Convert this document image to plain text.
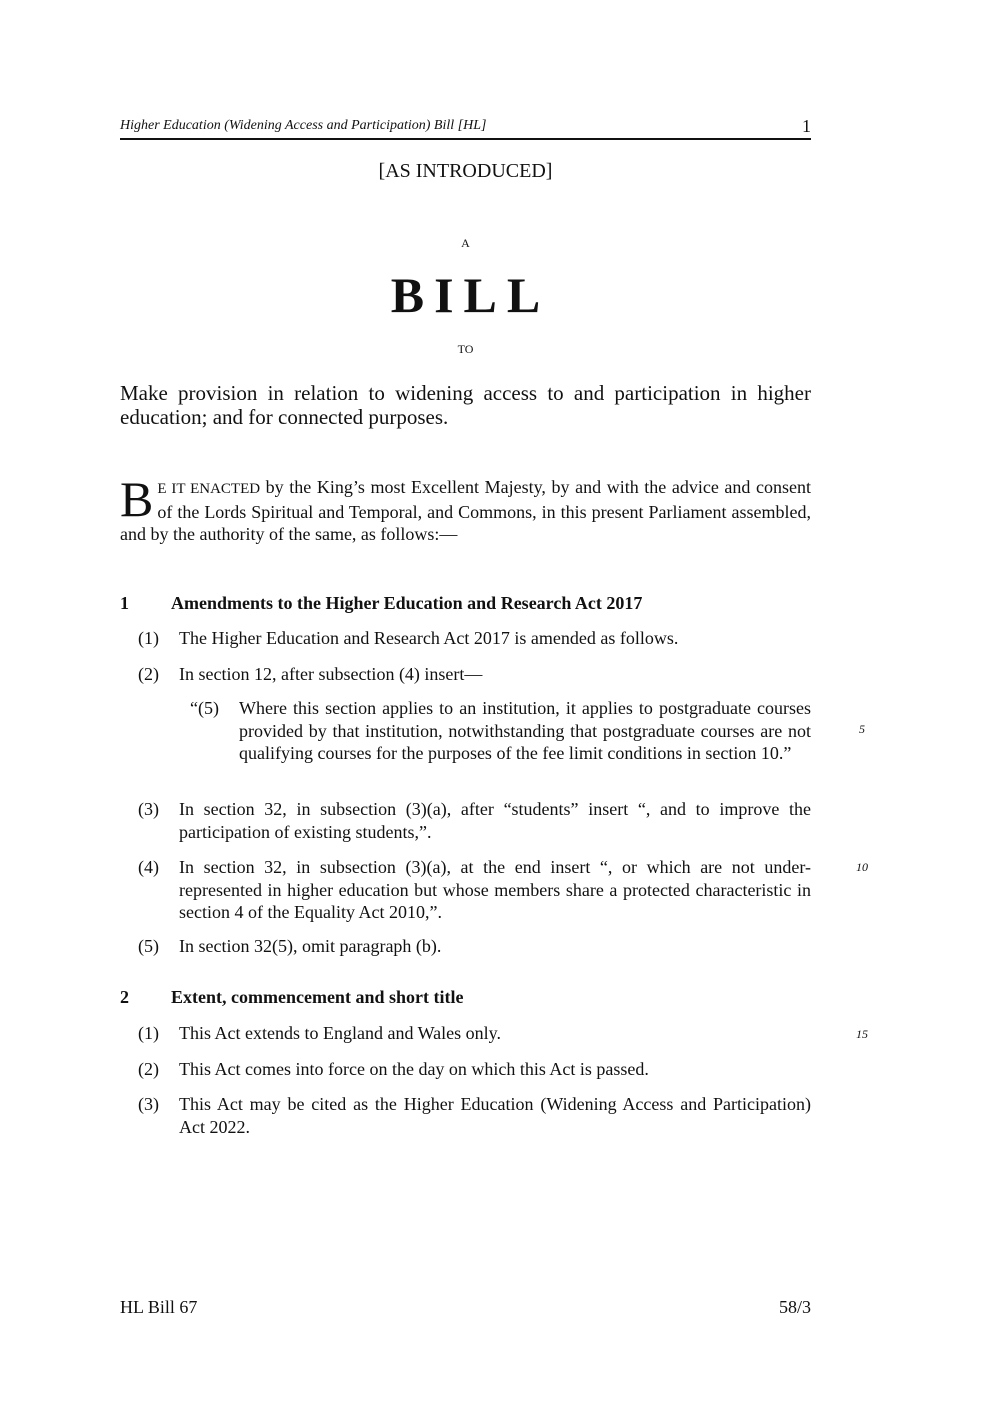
Higher Education (Widening Access and Participation) Bill [HL]	1
[AS INTRODUCED]
A
BILL
TO
Make provision in relation to widening access to and participation in higher education; and for connected purposes.
B E IT ENACTED by the King’s most Excellent Majesty, by and with the advice and consent of the Lords Spiritual and Temporal, and Commons, in this present Parliament assembled, and by the authority of the same, as follows:—
1 Amendments to the Higher Education and Research Act 2017
(1) The Higher Education and Research Act 2017 is amended as follows.
(2) In section 12, after subsection (4) insert—
“(5) Where this section applies to an institution, it applies to postgraduate courses provided by that institution, notwithstanding that postgraduate courses are not qualifying courses for the purposes of the fee limit conditions in section 10.”
(3) In section 32, in subsection (3)(a), after “students” insert “, and to improve the participation of existing students,”.
(4) In section 32, in subsection (3)(a), at the end insert “, or which are not under-represented in higher education but whose members share a protected characteristic in section 4 of the Equality Act 2010,”.
(5) In section 32(5), omit paragraph (b).
2 Extent, commencement and short title
(1) This Act extends to England and Wales only.
(2) This Act comes into force on the day on which this Act is passed.
(3) This Act may be cited as the Higher Education (Widening Access and Participation) Act 2022.
5
10
15
HL Bill 67	58/3
